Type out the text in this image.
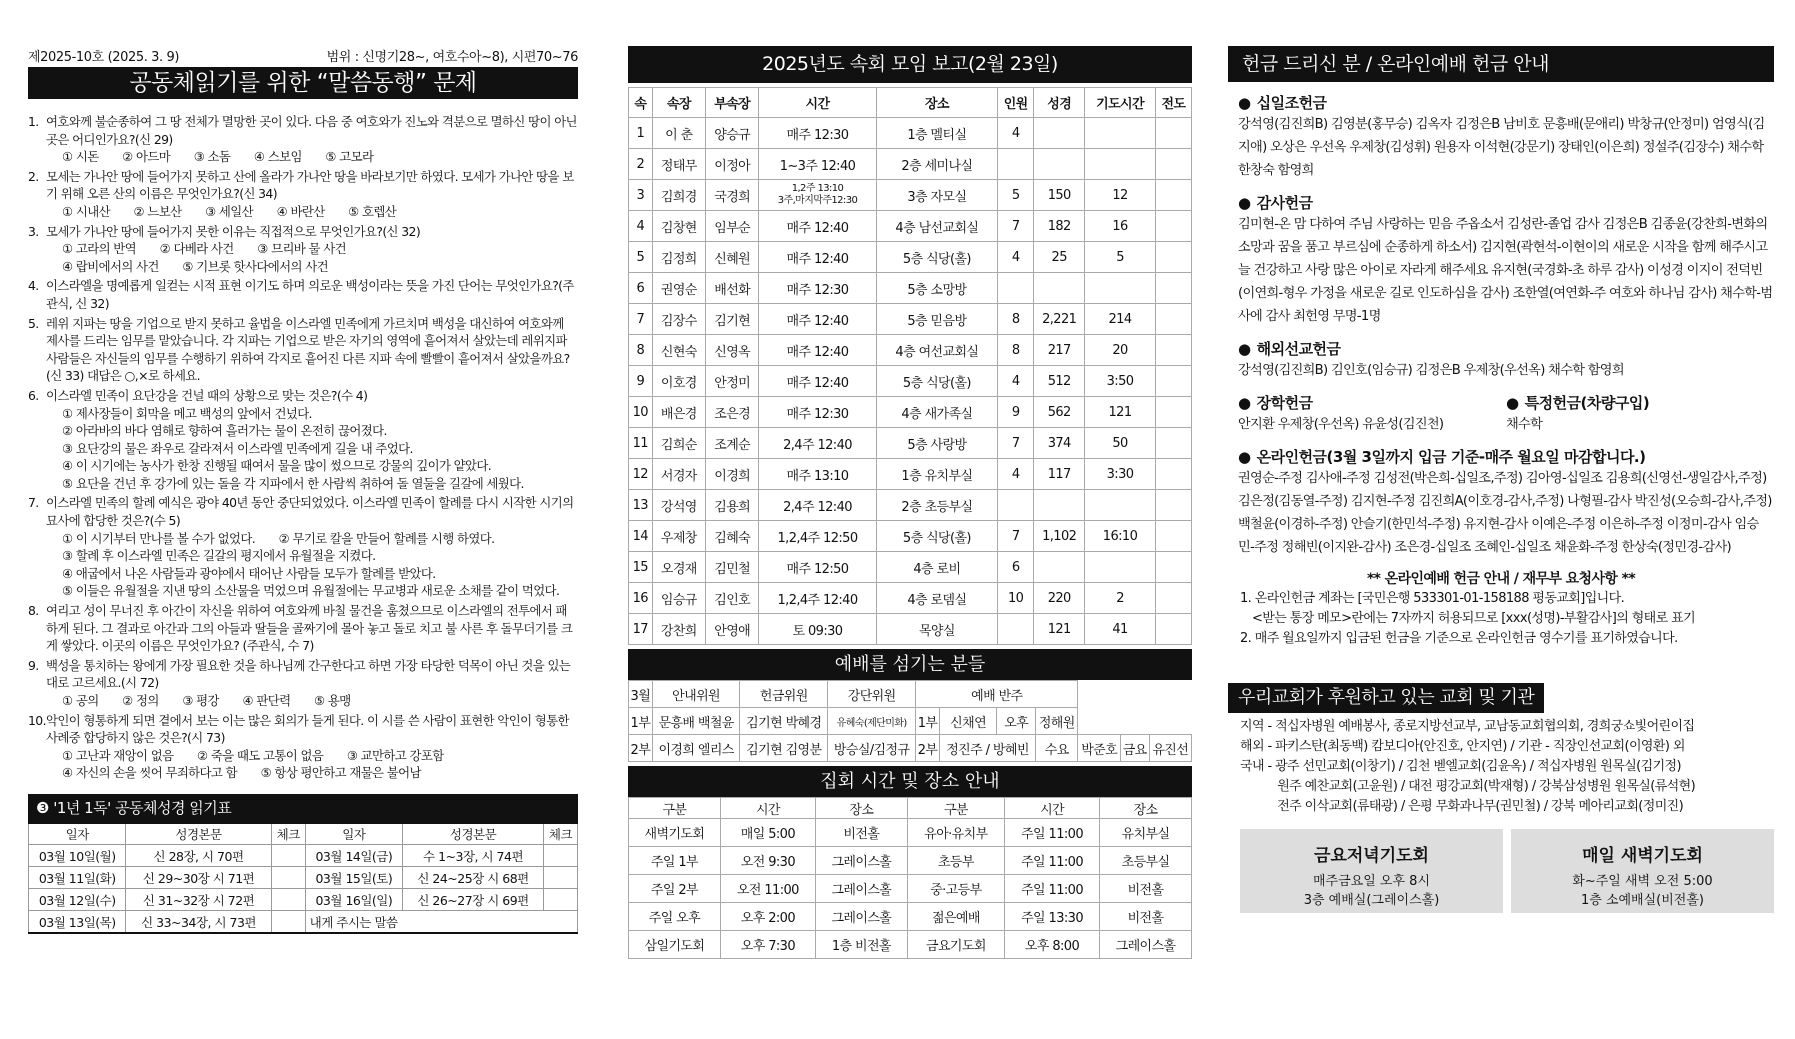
제2025-10호 (2025. 3. 9)	범위 : 신명기28~, 여호수아~8), 시편70~76
공동체읽기를 위한 “말씀동행” 문제
1. 여호와께 불순종하여 그 땅 전체가 멸망한 곳이 있다. 다음 중 여호와가 진노와 격분으로 멸하신 땅이 아닌 곳은 어디인가요?(신 29)
① 시돈　　② 아드마　　③ 소돔　　④ 스보임　　⑤ 고모라
2. 모세는 가나안 땅에 들어가지 못하고 산에 올라가 가나안 땅을 바라보기만 하였다. 모세가 가나안 땅을 보기 위해 오른 산의 이름은 무엇인가요?(신 34)
① 시내산　　② 느보산　　③ 세일산　　④ 바란산　　⑤ 호렙산
3. 모세가 가나안 땅에 들어가지 못한 이유는 직접적으로 무엇인가요?(신 32)
① 고라의 반역　　② 다베라 사건　　③ 므리바 물 사건
④ 랍비에서의 사건　　⑤ 기브롯 핫사다에서의 사건
4. 이스라엘을 명예롭게 일컫는 시적 표현 이기도 하며 의로운 백성이라는 뜻을 가진 단어는 무엇인가요?(주관식, 신 32)
5. 레위 지파는 땅을 기업으로 받지 못하고 율법을 이스라엘 민족에게 가르치며 백성을 대신하여 여호와께 제사를 드리는 임무를 맡았습니다. 각 지파는 기업으로 받은 자기의 영역에 흩어져서 살았는데 레위지파 사람들은 자신들의 임무를 수행하기 위하여 각지로 흩어진 다른 지파 속에 빨빨이 흩어져서 살았을까요?(신 33) 대답은 ○,×로 하세요.
6. 이스라엘 민족이 요단강을 건널 때의 상황으로 맞는 것은?(수 4)
① 제사장들이 회막을 메고 백성의 앞에서 건넜다.
② 아라바의 바다 염해로 향하여 흘러가는 물이 온전히 끊어졌다.
③ 요단강의 물은 좌우로 갈라져서 이스라엘 민족에게 길을 내 주었다.
④ 이 시기에는 농사가 한창 진행될 때여서 물을 많이 썼으므로 강물의 깊이가 얕았다.
⑤ 요단을 건넌 후 강가에 있는 돌을 각 지파에서 한 사람씩 취하여 돌 열둘을 길갈에 세웠다.
7. 이스라엘 민족의 할례 예식은 광야 40년 동안 중단되었었다. 이스라엘 민족이 할례를 다시 시작한 시기의 묘사에 합당한 것은?(수 5)
① 이 시기부터 만나를 볼 수가 없었다.　　② 무기로 칼을 만들어 할례를 시행 하였다.
③ 할례 후 이스라엘 민족은 길갈의 평지에서 유월절을 지켰다.
④ 애굽에서 나온 사람들과 광야에서 태어난 사람들 모두가 할례를 받았다.
⑤ 이들은 유월절을 지낸 땅의 소산물을 먹었으며 유월절에는 무교병과 새로운 소채를 같이 먹었다.
8. 여리고 성이 무너진 후 아간이 자신을 위하여 여호와께 바칠 물건을 훔쳤으므로 이스라엘의 전투에서 패하게 된다. 그 결과로 아간과 그의 아들과 딸들을 골짜기에 몰아 놓고 돌로 치고 불 사른 후 돌무더기를 크게 쌓았다. 이곳의 이름은 무엇인가요? (주관식, 수 7)
9. 백성을 통치하는 왕에게 가장 필요한 것을 하나님께 간구한다고 하면 가장 타당한 덕목이 아닌 것을 있는 대로 고르세요.(시 72)
① 공의　　② 정의　　③ 평강　　④ 판단력　　⑤ 용맹
10. 악인이 형통하게 되면 곁에서 보는 이는 많은 회의가 들게 된다. 이 시를 쓴 사람이 표현한 악인이 형통한 사례중 합당하지 않은 것은?(시 73)
① 고난과 재앙이 없음　　② 죽을 때도 고통이 없음　　③ 교만하고 강포함
④ 자신의 손을 씻어 무죄하다고 함　　⑤ 항상 평안하고 재물은 불어남
❸ '1년 1독' 공동체성경 읽기표
일자	성경본문	체크	일자	성경본문	체크
03월 10일(월)	신 28장, 시 70편		03월 14일(금)	수 1~3장, 시 74편	
03월 11일(화)	신 29~30장 시 71편		03월 15일(토)	신 24~25장 시 68편	
03월 12일(수)	신 31~32장 시 72편		03월 16일(일)	신 26~27장 시 69편	
03월 13일(목)	신 33~34장, 시 73편		내게 주시는 말씀		
2025년도 속회 모임 보고(2월 23일)
속	속장	부속장	시간	장소	인원	성경	기도시간	전도
1	이 춘	양승규	매주 12:30	1층 멜티실	4			
2	정태무	이정아	1~3주 12:40	2층 세미나실				
3	김희경	국경희	1,2주 13:10
3주,마지막주12:30	3층 자모실	5	150	12	
4	김창현	임부순	매주 12:40	4층 남선교회실	7	182	16	
5	김정희	신혜원	매주 12:40	5층 식당(홀)	4	25	5	
6	권영순	배선화	매주 12:30	5층 소망방				
7	김장수	김기현	매주 12:40	5층 믿음방	8	2,221	214	
8	신현숙	신영옥	매주 12:40	4층 여선교회실	8	217	20	
9	이호경	안정미	매주 12:40	5층 식당(홀)	4	512	3:50	
10	배은경	조은경	매주 12:30	4층 새가족실	9	562	121	
11	김희순	조계순	2,4주 12:40	5층 사랑방	7	374	50	
12	서경자	이경희	매주 13:10	1층 유치부실	4	117	3:30	
13	강석영	김용희	2,4주 12:40	2층 초등부실				
14	우제창	김혜숙	1,2,4주 12:50	5층 식당(홀)	7	1,102	16:10	
15	오경재	김민철	매주 12:50	4층 로비	6			
16	임승규	김인호	1,2,4주 12:40	4층 로뎀실	10	220	2	
17	강찬희	안영애	토 09:30	목양실		121	41	
예배를 섬기는 분들
3월	안내위원	헌금위원	강단위원	예배 반주						
1부	문흥배 백철윤	김기현 박혜경	유혜숙(제단미화)	1부	신채연	오후	정해원			
2부	이경희 엘리스	김기현 김영분	방승실/김정규	2부	정진주 / 방혜빈		수요	박준호	금요	유진선
집회 시간 및 장소 안내
구분	시간	장소	구분	시간	장소
새벽기도회	매일 5:00	비전홀	유아·유치부	주일 11:00	유치부실
주일 1부	오전 9:30	그레이스홀	초등부	주일 11:00	초등부실
주일 2부	오전 11:00	그레이스홀	중·고등부	주일 11:00	비전홀
주일 오후	오후 2:00	그레이스홀	젊은예배	주일 13:30	비전홀
삼일기도회	오후 7:30	1층 비전홀	금요기도회	오후 8:00	그레이스홀
헌금 드리신 분 / 온라인예배 헌금 안내
● 십일조헌금

강석영(김진희B) 김영분(홍무승) 김옥자 김정은B 남비호 문흥배(문애리) 박창규(안정미) 엄영식(김지애) 오상은 우선옥 우제창(김성휘) 원용자 이석현(강문기) 장태인(이은희) 정설주(김장수) 채수학 한창숙 함영희

● 감사헌금

김미현-온 맘 다하여 주님 사랑하는 믿음 주옵소서 김성란-졸업 감사 김정은B 김종윤(강찬희-변화의 소망과 꿈을 품고 부르심에 순종하게 하소서) 김지현(곽현석-이현이의 새로운 시작을 함께 해주시고 늘 건강하고 사랑 많은 아이로 자라게 해주세요 유지현(국경화-초 하루 감사) 이성경 이지이 전덕빈(이연희-형우 가정을 새로운 길로 인도하심을 감사) 조한열(여연화-주 여호와 하나님 감사) 채수학-범사에 감사 최헌영 무명-1명

● 해외선교헌금

강석영(김진희B) 김인호(임승규) 김정은B 우제창(우선옥) 채수학 함영희

● 장학헌금

안지환 우제창(우선옥) 유윤성(김진천)

● 특정헌금(차량구입)

채수학

● 온라인헌금(3월 3일까지 입금 기준-매주 월요일 마감합니다.)

권영순-주정 김사애-주정 김성전(박은희-십일조,주정) 김아영-십일조 김용희(신영선-생일감사,주정) 김은정(김동열-주정) 김지현-주정 김진희A(이호경-감사,주정) 나형필-감사 박진성(오승희-감사,주정) 백철윤(이경하-주정) 안슬기(한민석-주정) 유지현-감사 이예은-주정 이은하-주정 이정미-감사 임승민-주정 정해빈(이지완-감사) 조은경-십일조 조혜인-십일조 채윤화-주정 한상숙(정민경-감사)

** 온라인예배 헌금 안내 / 재무부 요청사항 **
1. 온라인헌금 계좌는 [국민은행 533301-01-158188 평동교회]입니다.
<받는 통장 메모>란에는 7자까지 허용되므로 [xxx(성명)-부활감사]의 형태로 표기
2. 매주 월요일까지 입금된 헌금을 기준으로 온라인헌금 영수기를 표기하였습니다.
우리교회가 후원하고 있는 교회 및 기관
지역 - 적십자병원 예배봉사, 종로지방선교부, 교남동교회협의회, 경희궁쇼빛어린이집
해외 - 파키스탄(최동백) 캄보디아(안진호, 안지연) / 기관 - 직장인선교회(이영환) 외
국내 - 광주 선민교회(이창기) / 김천 벧엘교회(김윤옥) / 적십자병원 원목실(김기정)
　　　원주 예찬교회(고윤원) / 대전 평강교회(박재형) / 강북삼성병원 원목실(류석현)
　　　전주 이삭교회(류태광) / 은평 무화과나무(권민철) / 강북 메아리교회(정미진)
금요저녁기도회
매주금요일 오후 8시
3층 예배실(그레이스홀)
매일 새벽기도회
화~주일 새벽 오전 5:00
1층 소예배실(비전홀)
